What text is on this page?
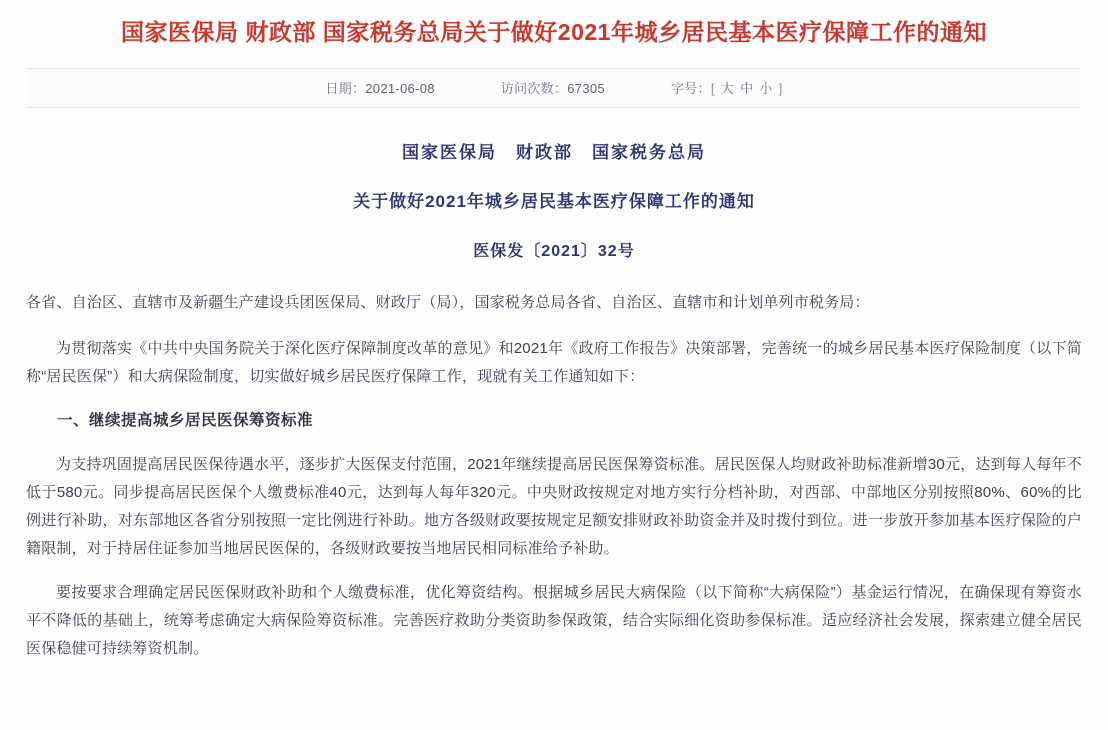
国家医保局 财政部 国家税务总局关于做好2021年城乡居民基本医疗保障工作的通知
日期：2021-06-08	访问次数：67305	字号： [ 大 中 小 ]
国家医保局　财政部　国家税务总局
关于做好2021年城乡居民基本医疗保障工作的通知
医保发〔2021〕32号

各省、自治区、直辖市及新疆生产建设兵团医保局、财政厅（局），国家税务总局各省、自治区、直辖市和计划单列市税务局：

为贯彻落实《中共中央国务院关于深化医疗保障制度改革的意见》和2021年《政府工作报告》决策部署，完善统一的城乡居民基本医疗保险制度（以下简称“居民医保”）和大病保险制度，切实做好城乡居民医疗保障工作，现就有关工作通知如下：

一、继续提高城乡居民医保筹资标准

为支持巩固提高居民医保待遇水平，逐步扩大医保支付范围，2021年继续提高居民医保筹资标准。居民医保人均财政补助标准新增30元，达到每人每年不低于580元。同步提高居民医保个人缴费标准40元，达到每人每年320元。中央财政按规定对地方实行分档补助，对西部、中部地区分别按照80%、60%的比例进行补助，对东部地区各省分别按照一定比例进行补助。地方各级财政要按规定足额安排财政补助资金并及时拨付到位。进一步放开参加基本医疗保险的户籍限制，对于持居住证参加当地居民医保的，各级财政要按当地居民相同标准给予补助。

要按要求合理确定居民医保财政补助和个人缴费标准，优化筹资结构。根据城乡居民大病保险（以下简称“大病保险”）基金运行情况，在确保现有筹资水平不降低的基础上，统筹考虑确定大病保险筹资标准。完善医疗救助分类资助参保政策，结合实际细化资助参保标准。适应经济社会发展，探索建立健全居民医保稳健可持续筹资机制。
